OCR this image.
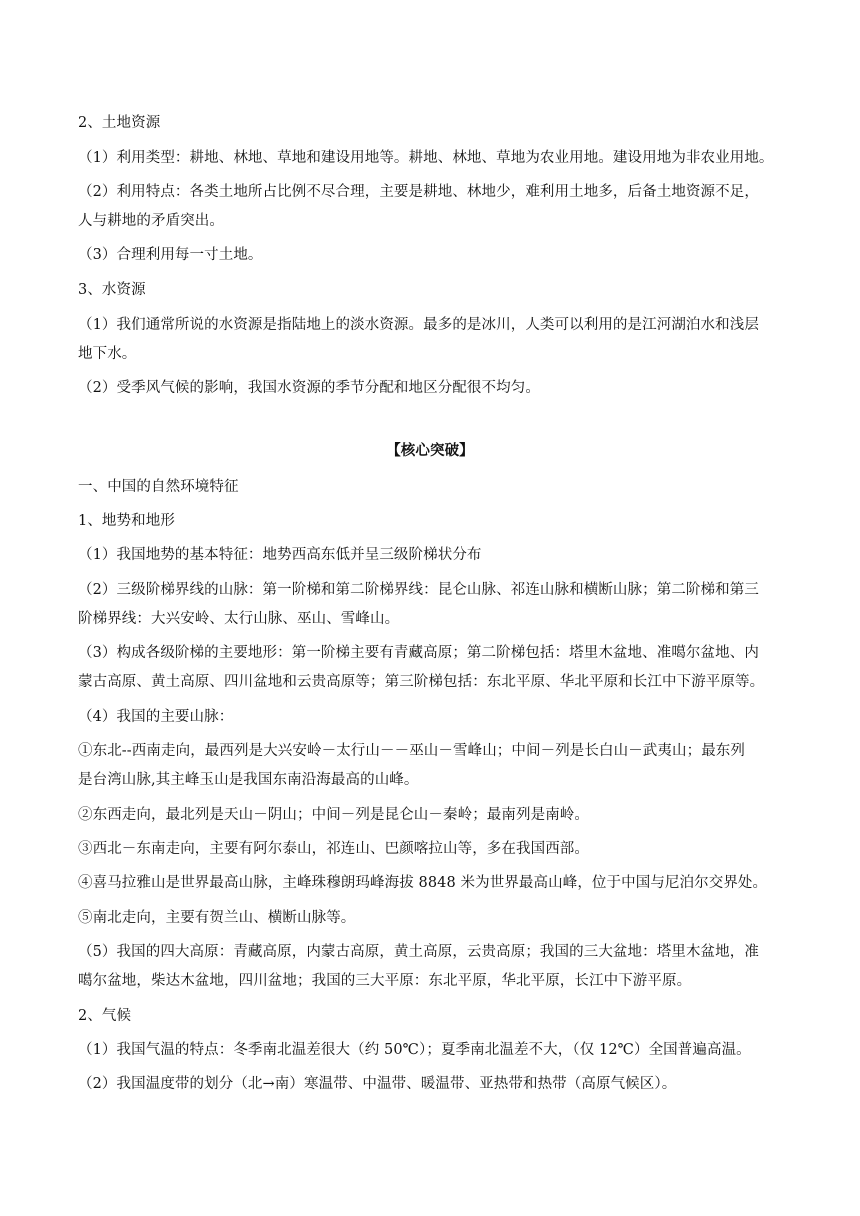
2、土地资源
（1）利用类型：耕地、林地、草地和建设用地等。耕地、林地、草地为农业用地。建设用地为非农业用地。
（2）利用特点：各类土地所占比例不尽合理，主要是耕地、林地少，难利用土地多，后备土地资源不足，
人与耕地的矛盾突出。
（3）合理利用每一寸土地。
3、水资源
（1）我们通常所说的水资源是指陆地上的淡水资源。最多的是冰川，人类可以利用的是江河湖泊水和浅层
地下水。
（2）受季风气候的影响，我国水资源的季节分配和地区分配很不均匀。
【核心突破】
一、中国的自然环境特征
1、地势和地形
（1）我国地势的基本特征：地势西高东低并呈三级阶梯状分布
（2）三级阶梯界线的山脉：第一阶梯和第二阶梯界线：昆仑山脉、祁连山脉和横断山脉；第二阶梯和第三
阶梯界线：大兴安岭、太行山脉、巫山、雪峰山。
（3）构成各级阶梯的主要地形：第一阶梯主要有青藏高原；第二阶梯包括：塔里木盆地、准噶尔盆地、内
蒙古高原、黄土高原、四川盆地和云贵高原等；第三阶梯包括：东北平原、华北平原和长江中下游平原等。
（4）我国的主要山脉：
①东北--西南走向，最西列是大兴安岭－太行山－－巫山－雪峰山；中间－列是长白山－武夷山；最东列
是台湾山脉,其主峰玉山是我国东南沿海最高的山峰。
②东西走向，最北列是天山－阴山；中间－列是昆仑山－秦岭；最南列是南岭。
③西北－东南走向，主要有阿尔泰山，祁连山、巴颜喀拉山等，多在我国西部。
④喜马拉雅山是世界最高山脉，主峰珠穆朗玛峰海拔 8848 米为世界最高山峰，位于中国与尼泊尔交界处。
⑤南北走向，主要有贺兰山、横断山脉等。
（5）我国的四大高原：青藏高原，内蒙古高原，黄土高原，云贵高原；我国的三大盆地：塔里木盆地，准
噶尔盆地，柴达木盆地，四川盆地；我国的三大平原：东北平原，华北平原，长江中下游平原。
2、气候
（1）我国气温的特点：冬季南北温差很大（约 50℃）；夏季南北温差不大，（仅 12℃）全国普遍高温。
（2）我国温度带的划分（北→南）寒温带、中温带、暖温带、亚热带和热带（高原气候区）。
